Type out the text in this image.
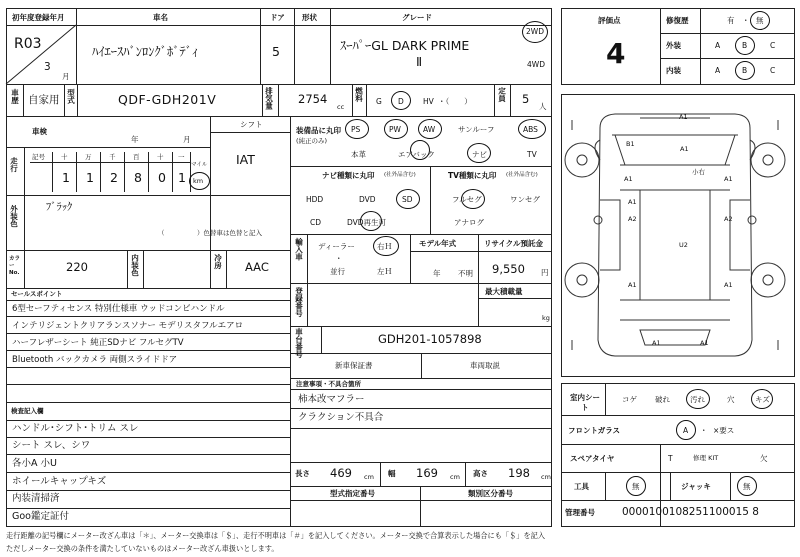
A1
B1
A1
A1	A1
A1
A2	A2
U2
A1	A1
A1	A1
小右
初年度登録年月
R03
3
月
車名
ﾊｲｴｰｽﾊﾞﾝﾛﾝｸﾞﾎﾞﾃﾞｨ
ドア
5
形状	グレード
ｽｰﾊﾟｰGL DARK PRIME
Ⅱ
2WD
4WD
評価点
4
修復歴	有 ・ 無
外装	A	B	C
内装	A	B	C
車歴 自家用 型式	QDF-GDH201V	排気量 2754
cc
燃料 G D	HV ・（　　）	定員 5
人
車検
年	月
シフト
IAT
走行 記号 十	万	千	百	十 一
1 1 2 8 0 1
マイル
km
外装色	ﾌﾞﾗｯｸ
（　　　　　）色替車は色替と記入
カラーNo.	220	内装色	冷房 AAC
装備品に丸印
(純正のみ)
PS	PW	AW	サンルーフ	ABS
本革	エアバック	ナビ	TV
ナビ種類に丸印 (社外品含む)
HDD	DVD	SD
CD	DVD再生可
TV種類に丸印 (社外品含む)
フルセグ	ワンセグ
アナログ
輸入車 ディーラー
・
並行
右Ｈ
左Ｈ
モデル年式
年 不明
リサイクル預託金
9,550 円
登録番号	最大積載量
kg
車台番号	GDH201-1057898
新車保証書	車両取説
注意事項・不具合箇所
柿本改マフラー
クラクション不具合
長さ 469 cm 幅 169 cm 高さ 198 cm
型式指定番号	類別区分番号
セールスポイント
6型セーフティセンス 特別仕様車 ウッドコンビハンドル
インテリジェントクリアランスソナー モデリスタフルエアロ
ハーフレザーシート 純正SDナビ フルセグTV
Bluetooth バックカメラ 両側スライドドア
検査記入欄
ハンドル･シフト･トリム スレ
シート スレ、シワ
各小A 小U
ホイールキャップキズ
内装清掃済
Goo鑑定証付
室内シート
コゲ 破れ	汚れ	穴	キズ
フロントガラス	A ・ ×要ス
スペアタイヤ	T	修理 KIT	欠
工具	無	ジャッキ	無
管理番号	0000100108251100015 8
走行距離の記号欄にメーター改ざん車は「＊」、メーター交換車は「＄」、走行不明車は「＃」を記入してください。メーター交換で合算表示した場合にも「＄」を記入
ただしメーター交換の条件を満たしていないものはメーター改ざん車扱いとします。
